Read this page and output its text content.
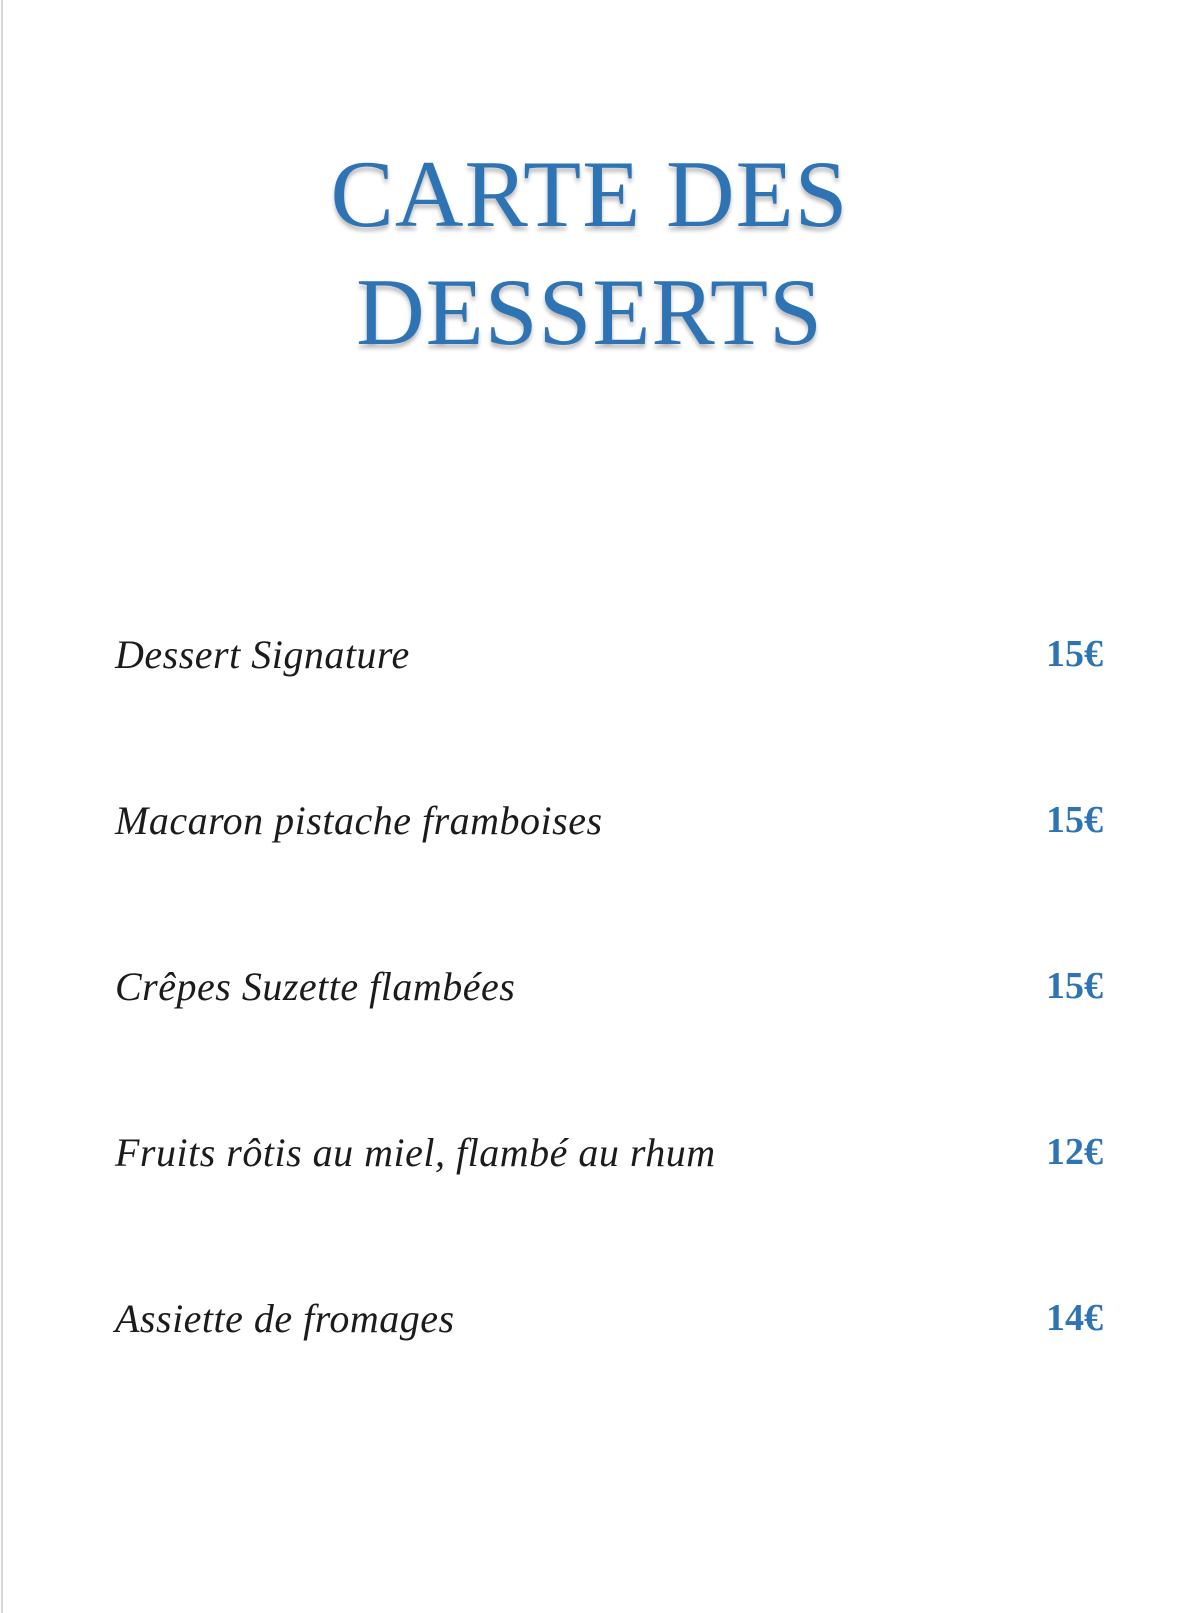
CARTE DES
DESSERTS
Dessert Signature	15€
Macaron pistache framboises	15€
Crêpes Suzette flambées	15€
Fruits rôtis au miel, flambé au rhum	12€
Assiette de fromages	14€
